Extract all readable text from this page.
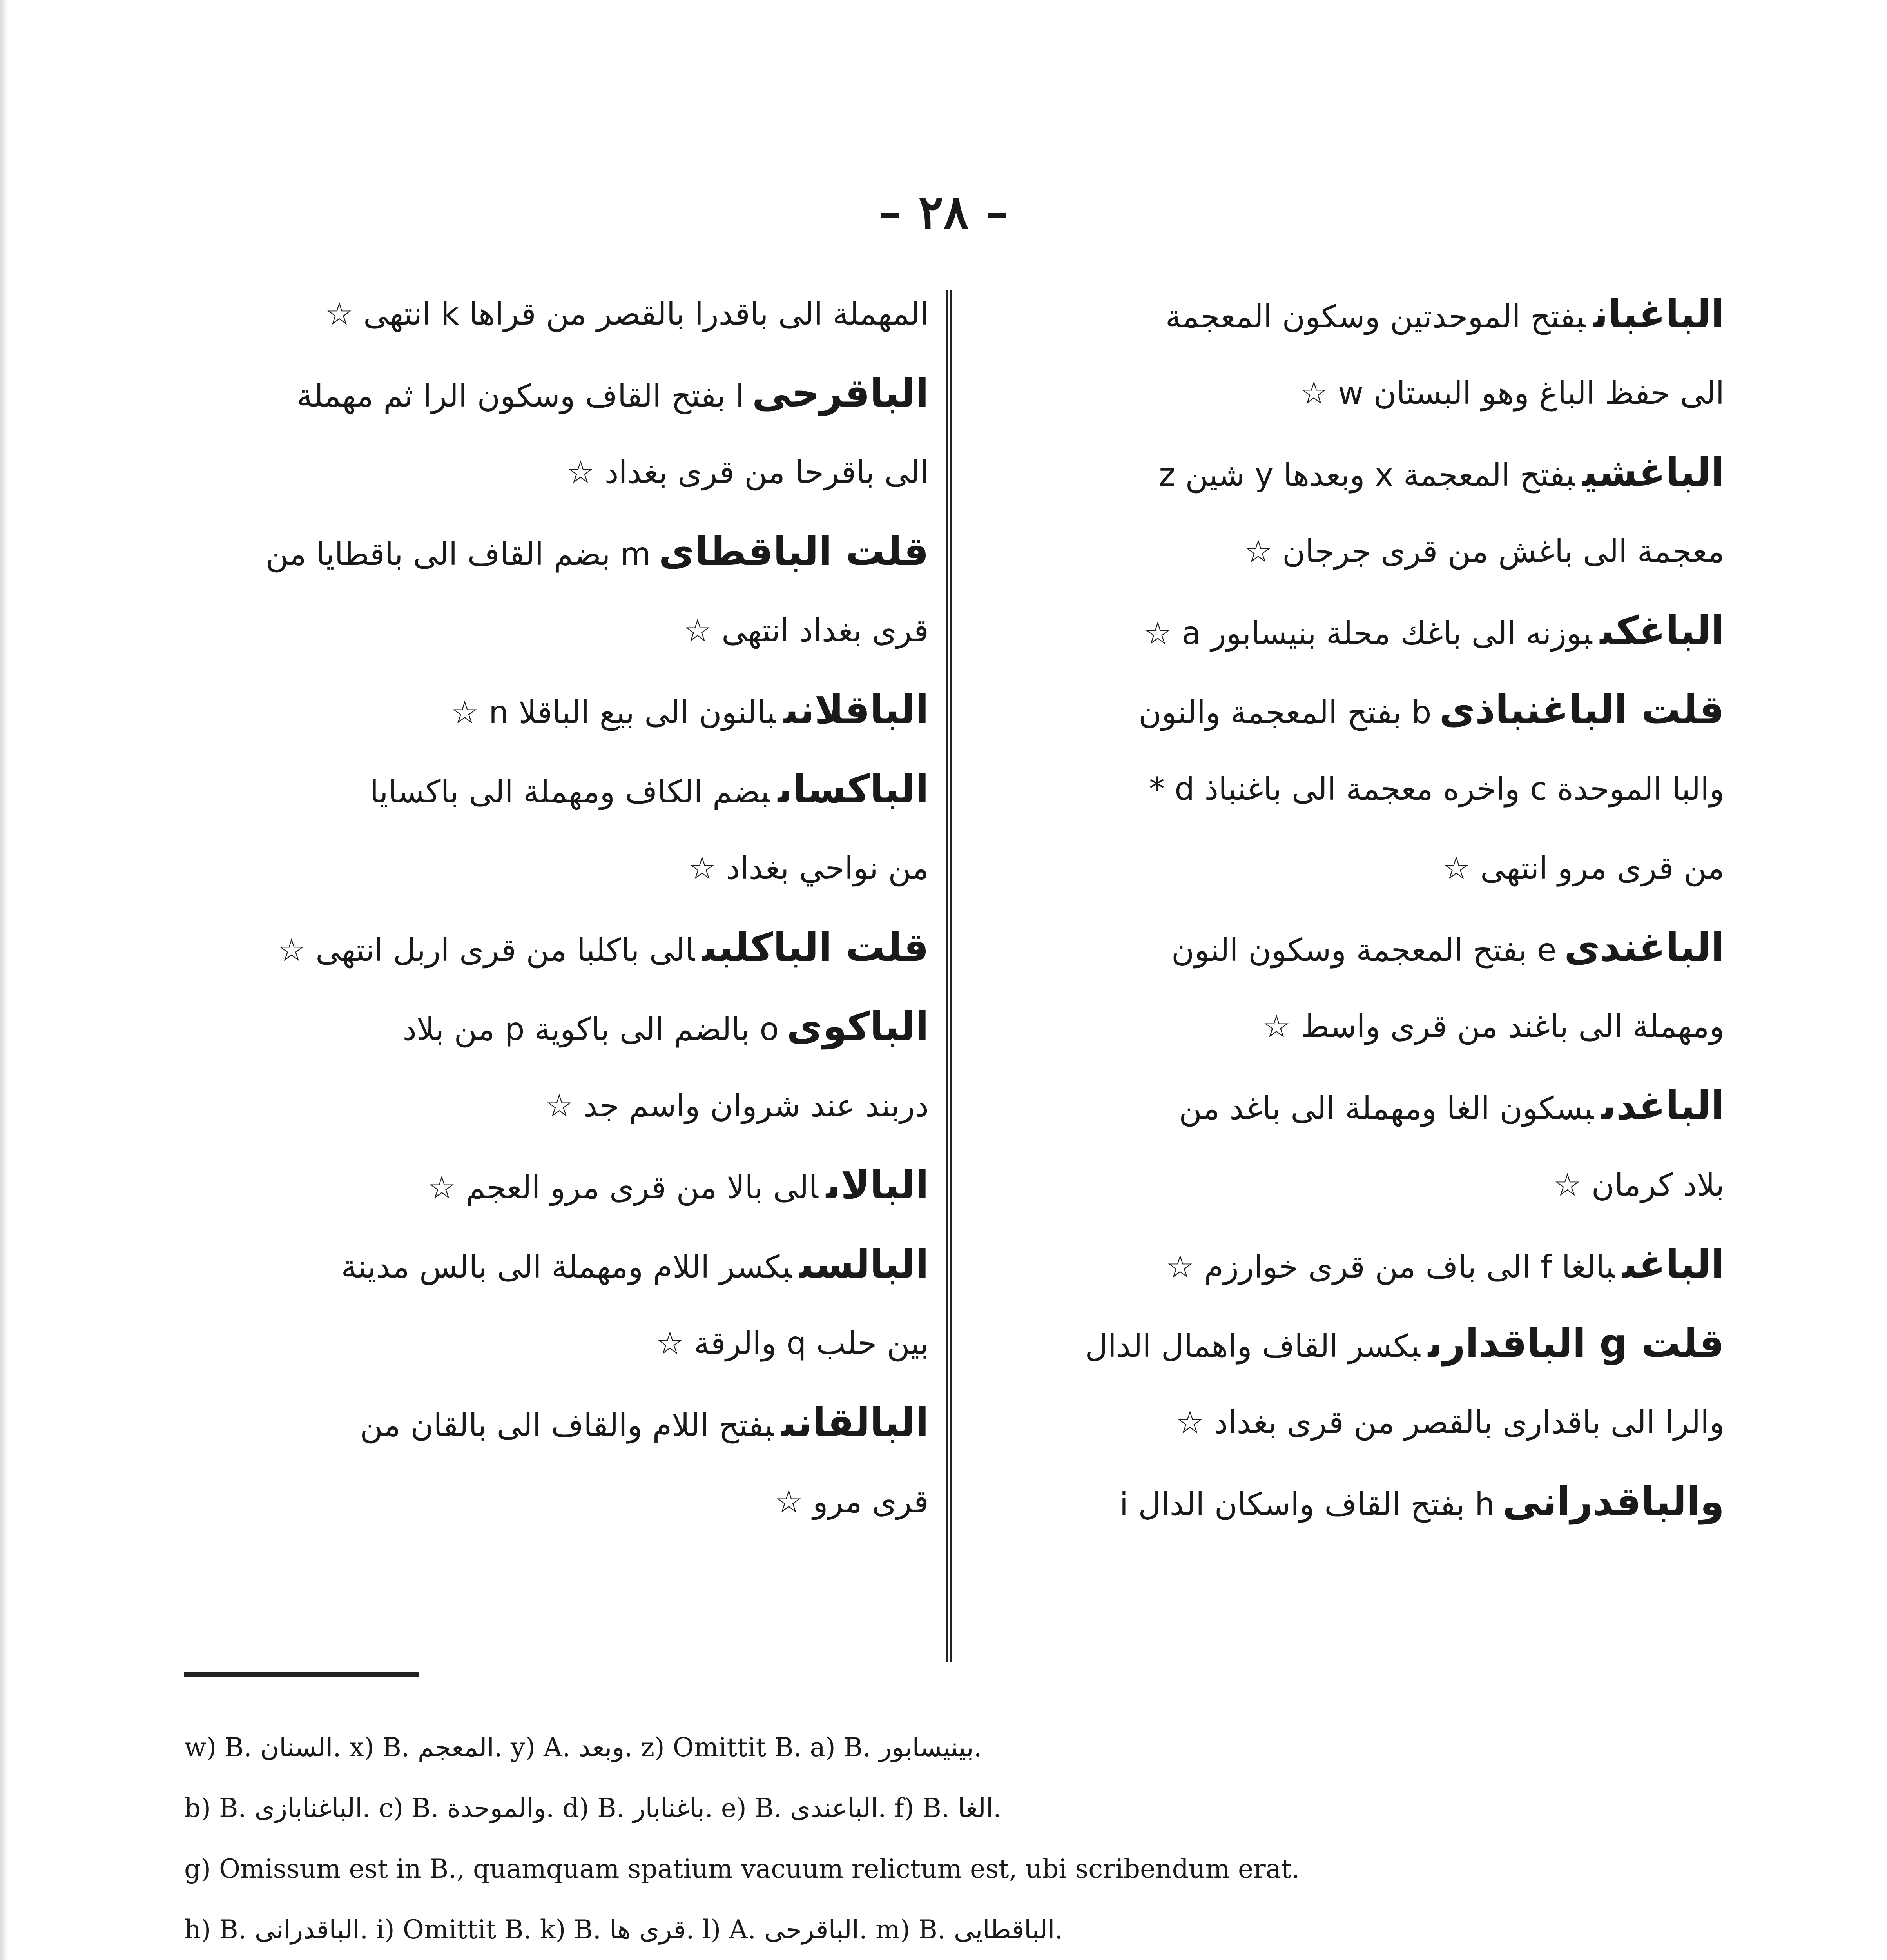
– ٢٨ –
الباغبانبفتح الموحدتين وسكون المعجمة
الى حفظ الباغ وهو البستان w ☆
الباغشيبفتح المعجمة x وبعدها y شين z
معجمة الى باغش من قرى جرجان ☆
الباغكىبوزنه الى باغك محلة بنيسابور a ☆
قلت الباغنباذىb بفتح المعجمة والنون
والبا الموحدة c واخره معجمة الى باغنباذ d *
من قرى مرو انتهى ☆
الباغندىe بفتح المعجمة وسكون النون
ومهملة الى باغند من قرى واسط ☆
الباغدىبسكون الغا ومهملة الى باغد من
بلاد كرمان ☆
الباغىبالغا f الى باف من قرى خوارزم ☆
قلت g الباقدارىبكسر القاف واهمال الدال
والرا الى باقدارى بالقصر من قرى بغداد ☆
والباقدرانىh بفتح القاف واسكان الدال i
المهملة الى باقدرا بالقصر من قراها k انتهى ☆
الباقرحىl بفتح القاف وسكون الرا ثم مهملة
الى باقرحا من قرى بغداد ☆
قلت الباقطاىm بضم القاف الى باقطايا من
قرى بغداد انتهى ☆
الباقلانىبالنون الى بيع الباقلا n ☆
الباكساىبضم الكاف ومهملة الى باكسايا
من نواحي بغداد ☆
قلت الباكلبىالى باكلبا من قرى اربل انتهى ☆
الباكوىo بالضم الى باكوية p من بلاد
دربند عند شروان واسم جد ☆
البالاىالى بالا من قرى مرو العجم ☆
البالسىبكسر اللام ومهملة الى بالس مدينة
بين حلب q والرقة ☆
البالقانىبفتح اللام والقاف الى بالقان من
قرى مرو ☆
w) B. السنان. x) B. المعجم. y) A. وبعد. z) Omittit B. a) B. بينيسابور.
b) B. الباغنابازى. c) B. والموحدة. d) B. باغنابار. e) B. الباعندى. f) B. الغا.
g) Omissum est in B., quamquam spatium vacuum relictum est, ubi scribendum erat.
h) B. الباقدرانى. i) Omittit B. k) B. قرى ها. l) A. الباقرحى. m) B. الباقطايى.
